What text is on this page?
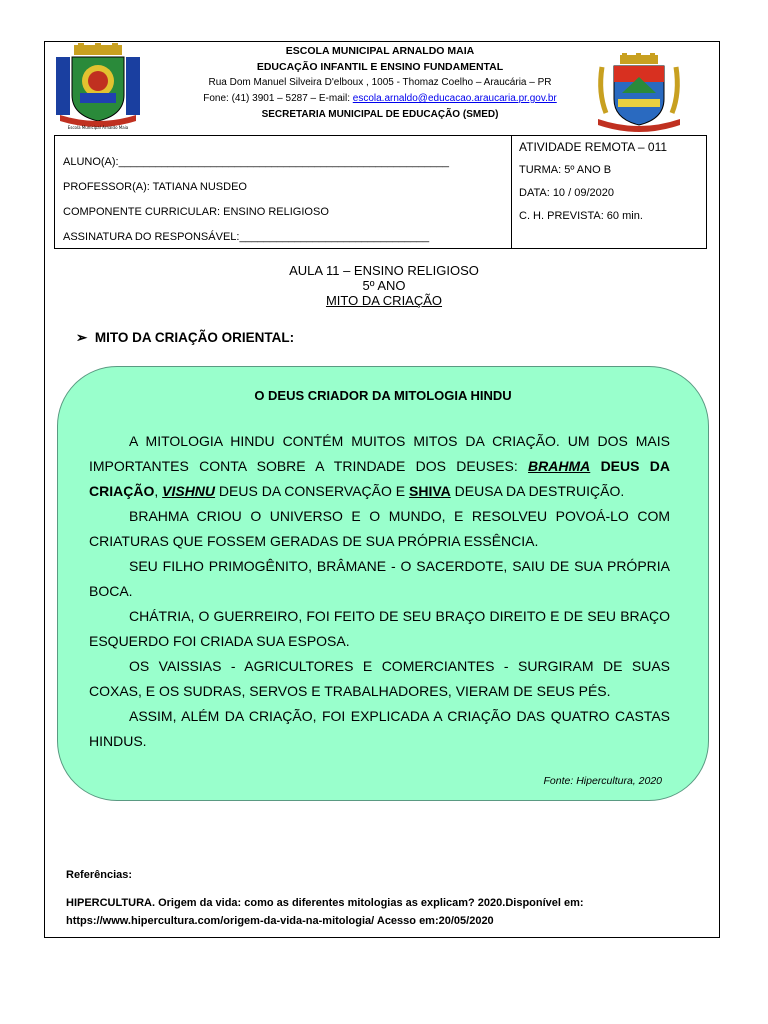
Escola Municipal Arnaldo Maia
ESCOLA MUNICIPAL ARNALDO MAIA
EDUCAÇÃO INFANTIL E ENSINO FUNDAMENTAL
Rua Dom Manuel Silveira D'elboux , 1005 - Thomaz Coelho – Araucária – PR
Fone: (41) 3901 – 5287 – E-mail: escola.arnaldo@educacao.araucaria.pr.gov.br
SECRETARIA MUNICIPAL DE EDUCAÇÃO (SMED)
ALUNO(A):______________________________________________________
PROFESSOR(A): TATIANA NUSDEO
COMPONENTE CURRICULAR: ENSINO RELIGIOSO
ASSINATURA DO RESPONSÁVEL:_______________________________
ATIVIDADE REMOTA – 011
TURMA: 5º ANO B
DATA: 10 / 09/2020
C. H. PREVISTA: 60 min.
AULA 11 – ENSINO RELIGIOSO
5º ANO
MITO DA CRIAÇÃO
➢ MITO DA CRIAÇÃO ORIENTAL:
O DEUS CRIADOR DA MITOLOGIA HINDU

A MITOLOGIA HINDU CONTÉM MUITOS MITOS DA CRIAÇÃO. UM DOS MAIS IMPORTANTES CONTA SOBRE A TRINDADE DOS DEUSES: BRAHMA DEUS DA CRIAÇÃO, VISHNU DEUS DA CONSERVAÇÃO E SHIVA DEUSA DA DESTRUIÇÃO.

BRAHMA CRIOU O UNIVERSO E O MUNDO, E RESOLVEU POVOÁ-LO COM CRIATURAS QUE FOSSEM GERADAS DE SUA PRÓPRIA ESSÊNCIA.

SEU FILHO PRIMOGÊNITO, BRÂMANE - O SACERDOTE, SAIU DE SUA PRÓPRIA BOCA.

CHÁTRIA, O GUERREIRO, FOI FEITO DE SEU BRAÇO DIREITO E DE SEU BRAÇO ESQUERDO FOI CRIADA SUA ESPOSA.

OS VAISSIAS - AGRICULTORES E COMERCIANTES - SURGIRAM DE SUAS COXAS, E OS SUDRAS, SERVOS E TRABALHADORES, VIERAM DE SEUS PÉS.

ASSIM, ALÉM DA CRIAÇÃO, FOI EXPLICADA A CRIAÇÃO DAS QUATRO CASTAS HINDUS.

Fonte: Hipercultura, 2020
Referências:
HIPERCULTURA. Origem da vida: como as diferentes mitologias as explicam? 2020.Disponível em:
https://www.hipercultura.com/origem-da-vida-na-mitologia/ Acesso em:20/05/2020
